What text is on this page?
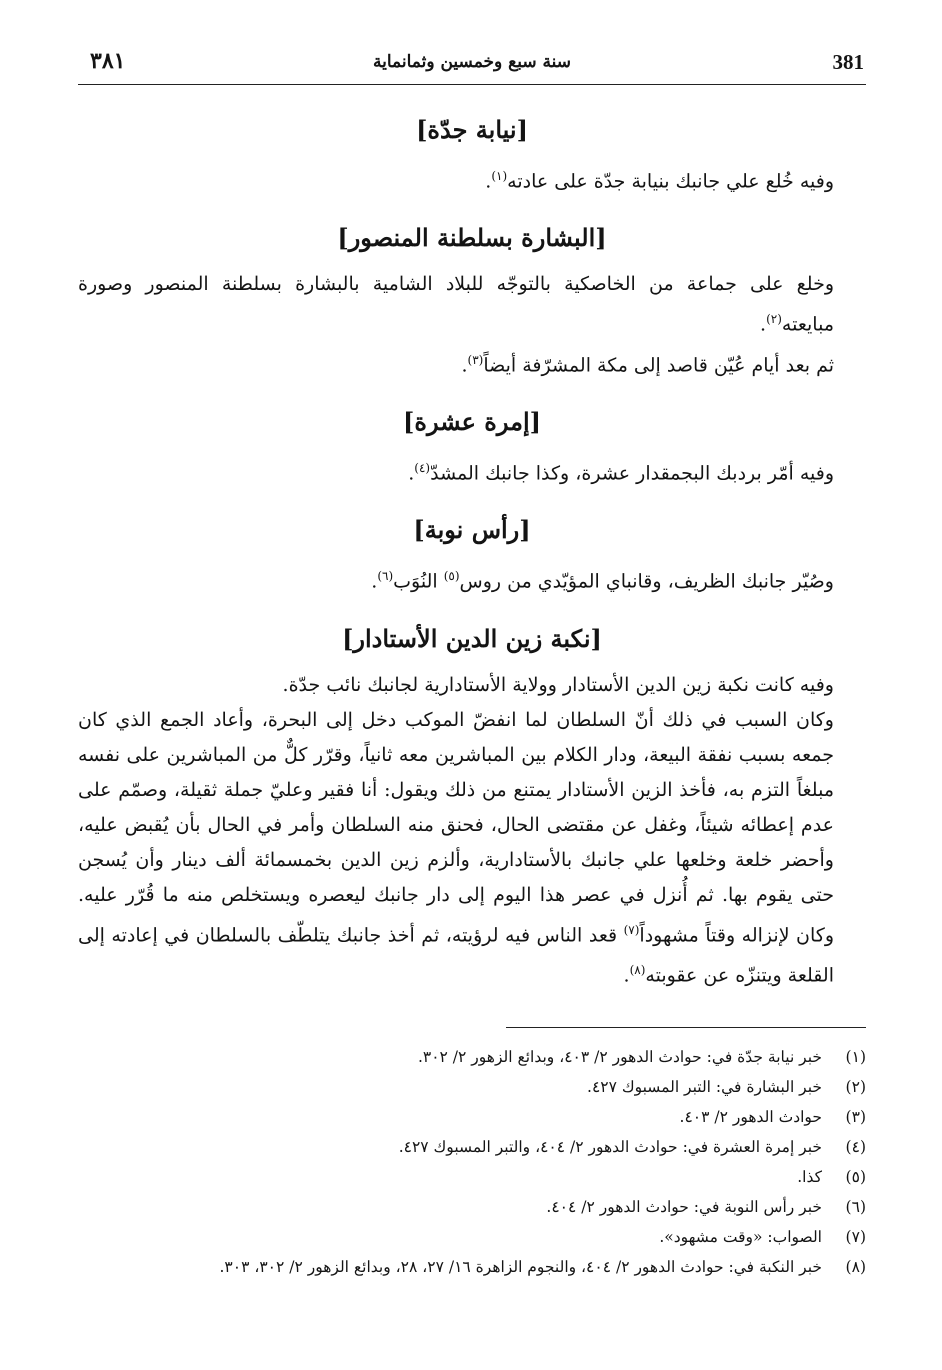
381
سنة سبع وخمسين وثمانماية
٣٨١
[نيابة جدّة]

وفيه خُلع علي جانبك بنيابة جدّة على عادته$^{(١)}$.

[البشارة بسلطنة المنصور]

وخلع على جماعة من الخاصكية بالتوجّه للبلاد الشامية بالبشارة بسلطنة المنصور وصورة مبايعته$^{(٢)}$.

ثم بعد أيام عُيّن قاصد إلى مكة المشرّفة أيضاً$^{(٣)}$.

[إمرة عشرة]

وفيه أمّر بردبك البجمقدار عشرة، وكذا جانبك المشدّ$^{(٤)}$.

[رأس نوبة]

وصُيّر جانبك الظريف، وقانباي المؤيّدي من روس$^{(٥)}$ النُوَب$^{(٦)}$.

[نكبة زين الدين الأستادار]

وفيه كانت نكبة زين الدين الأستادار وولاية الأستادارية لجانبك نائب جدّة.

وكان السبب في ذلك أنّ السلطان لما انفضّ الموكب دخل إلى البحرة، وأعاد الجمع الذي كان جمعه بسبب نفقة البيعة، ودار الكلام بين المباشرين معه ثانياً، وقرّر كلٌّ من المباشرين على نفسه مبلغاً التزم به، فأخذ الزين الأستادار يمتنع من ذلك ويقول: أنا فقير وعليّ جملة ثقيلة، وصمّم على عدم إعطائه شيئاً، وغفل عن مقتضى الحال، فحنق منه السلطان وأمر في الحال بأن يُقبض عليه، وأحضر خلعة وخلعها علي جانبك بالأستادارية، وألزم زين الدين بخمسمائة ألف دينار وأن يُسجن حتى يقوم بها. ثم أُنزل في عصر هذا اليوم إلى دار جانبك ليعصره ويستخلص منه ما قُرّر عليه. وكان لإنزاله وقتاً مشهوداً$^{(٧)}$ قعد الناس فيه لرؤيته، ثم أخذ جانبك يتلطّف بالسلطان في إعادته إلى القلعة ويتنزّه عن عقوبته$^{(٨)}$.

(١)
خبر نيابة جدّة في: حوادث الدهور ٢/ ٤٠٣، وبدائع الزهور ٢/ ٣٠٢.
(٢)
خبر البشارة في: التبر المسبوك ٤٢٧.
(٣)
حوادث الدهور ٢/ ٤٠٣.
(٤)
خبر إمرة العشرة في: حوادث الدهور ٢/ ٤٠٤، والتبر المسبوك ٤٢٧.
(٥)
كذا.
(٦)
خبر رأس النوبة في: حوادث الدهور ٢/ ٤٠٤.
(٧)
الصواب: «وقت مشهود».
(٨)
خبر النكبة في: حوادث الدهور ٢/ ٤٠٤، والنجوم الزاهرة ١٦/ ٢٧، ٢٨، وبدائع الزهور ٢/ ٣٠٢، ٣٠٣.
